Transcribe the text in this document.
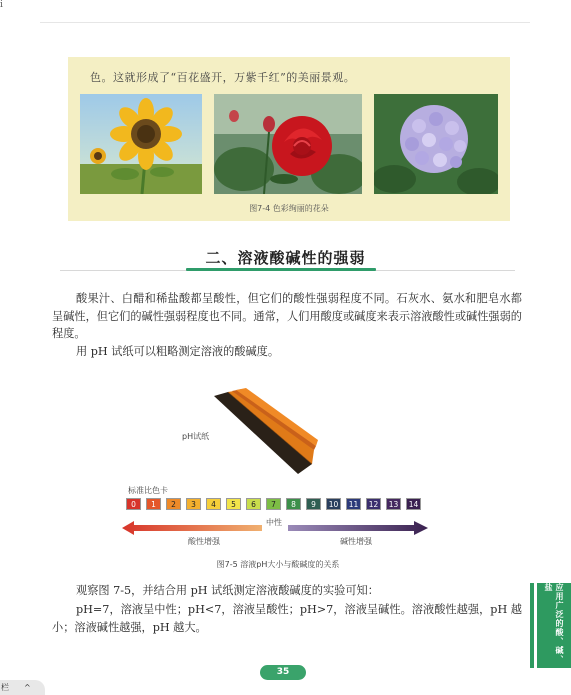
i
色。这就形成了“百花盛开，万紫千红”的美丽景观。
图7-4 色彩绚丽的花朵
二、溶液酸碱性的强弱
酸果汁、白醋和稀盐酸都呈酸性，但它们的酸性强弱程度不同。石灰水、氨水和肥皂水都呈碱性，但它们的碱性强弱程度也不同。通常，人们用酸度或碱度来表示溶液酸性或碱性强弱的程度。
用 pH 试纸可以粗略测定溶液的酸碱度。
pH试纸
标准比色卡
0	1	2	3	4	5	6	7	8	9	10	11	12	13	14
中性
酸性增强	碱性增强
图7-5 溶液pH大小与酸碱度的关系
观察图 7-5，并结合用 pH 试纸测定溶液酸碱度的实验可知：
pH=7，溶液呈中性；pH<7，溶液呈酸性；pH>7，溶液呈碱性。溶液酸性越强，pH 越小；溶液碱性越强，pH 越大。
35
应用广泛的酸、碱、盐
栏 ^
